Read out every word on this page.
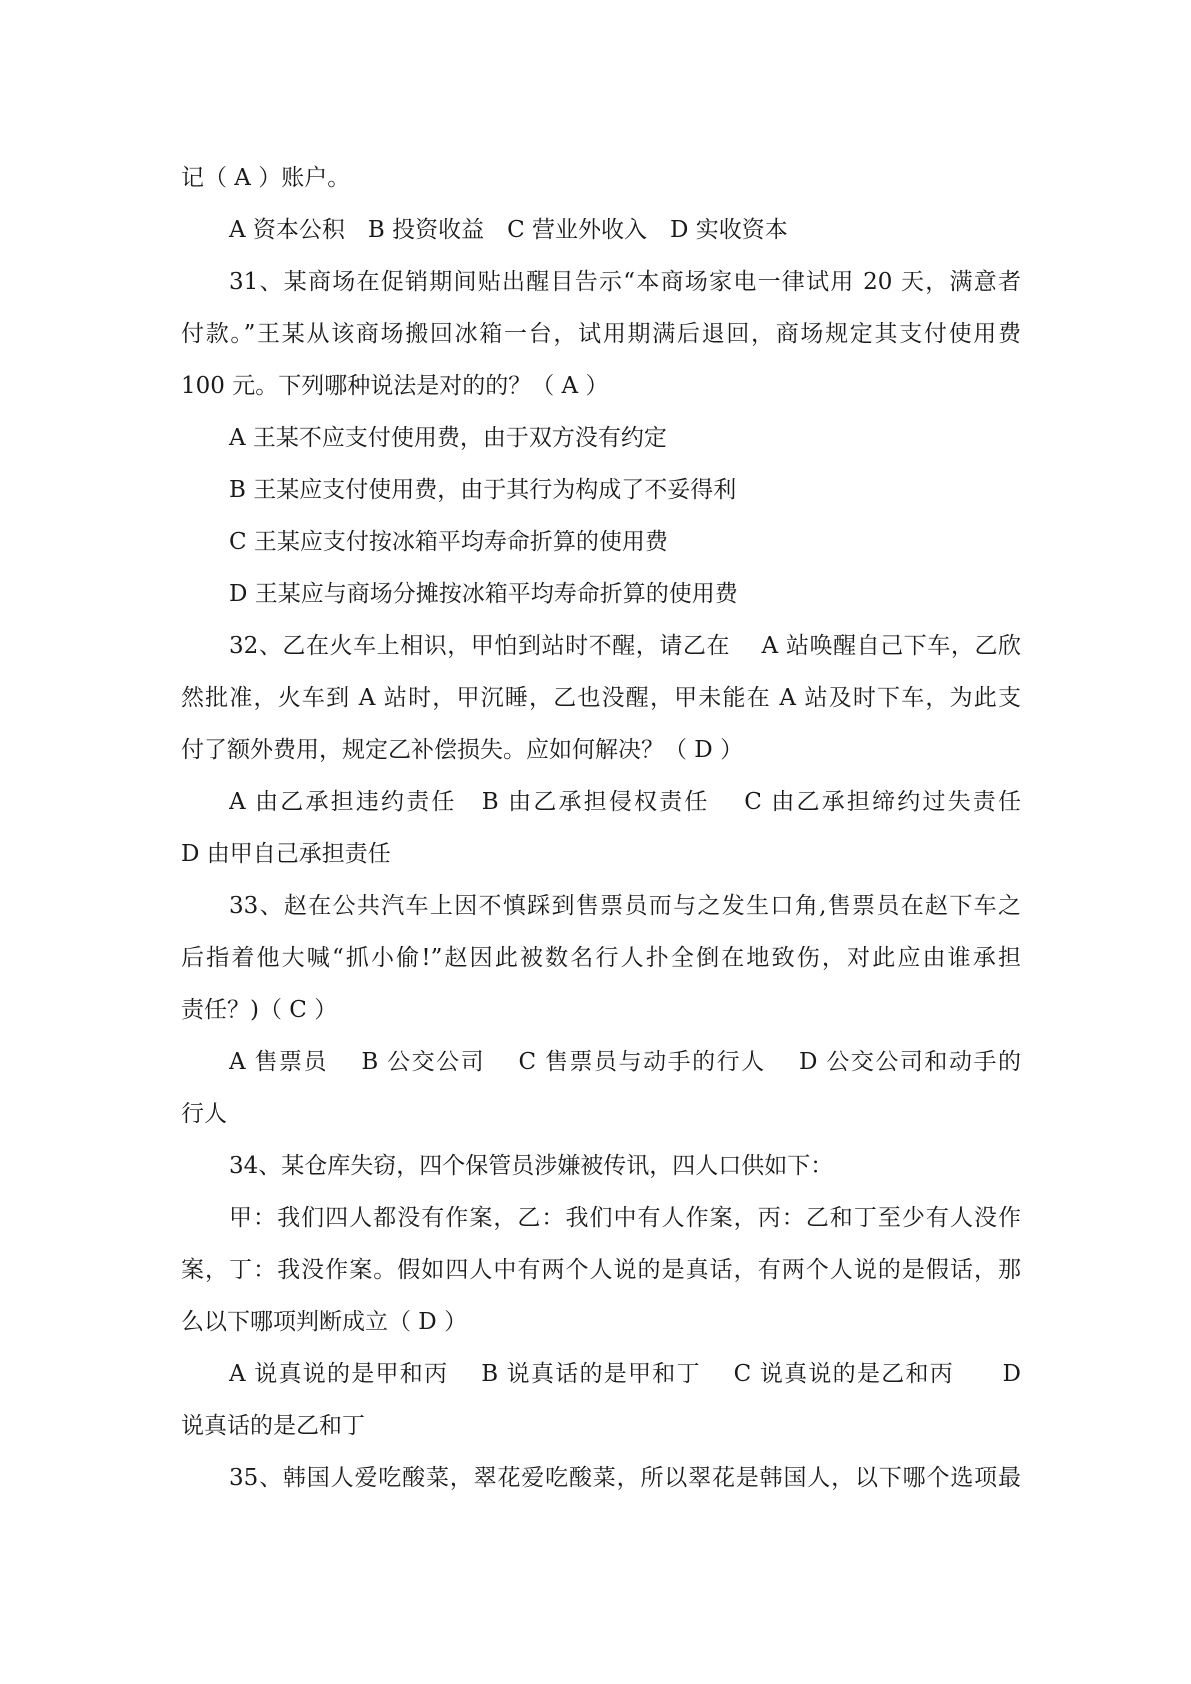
记（ A ）账户。

A 资本公积　B 投资收益　C 营业外收入　D 实收资本

31、某商场在促销期间贴出醒目告示“本商场家电一律试用 20 天，满意者

付款。”王某从该商场搬回冰箱一台，试用期满后退回，商场规定其支付使用费

100 元。下列哪种说法是对的的？（ A ）

A 王某不应支付使用费，由于双方没有约定

B 王某应支付使用费，由于其行为构成了不妥得利

C 王某应支付按冰箱平均寿命折算的使用费

D 王某应与商场分摊按冰箱平均寿命折算的使用费

32、乙在火车上相识，甲怕到站时不醒，请乙在　 A 站唤醒自己下车，乙欣

然批准，火车到 A 站时，甲沉睡，乙也没醒，甲未能在 A 站及时下车，为此支

付了额外费用，规定乙补偿损失。应如何解决？（ D ）

A 由乙承担违约责任　B 由乙承担侵权责任　 C 由乙承担缔约过失责任

D 由甲自己承担责任

33、赵在公共汽车上因不慎踩到售票员而与之发生口角,售票员在赵下车之

后指着他大喊“抓小偷!”赵因此被数名行人扑全倒在地致伤，对此应由谁承担

责任？)（ C ）

A 售票员　 B 公交公司　 C 售票员与动手的行人　 D 公交公司和动手的

行人

34、某仓库失窃，四个保管员涉嫌被传讯，四人口供如下：

甲：我们四人都没有作案，乙：我们中有人作案，丙：乙和丁至少有人没作

案，丁：我没作案。假如四人中有两个人说的是真话，有两个人说的是假话，那

么以下哪项判断成立（ D ）

A 说真说的是甲和丙　 B 说真话的是甲和丁　 C 说真说的是乙和丙　　D

说真话的是乙和丁

35、韩国人爱吃酸菜，翠花爱吃酸菜，所以翠花是韩国人，以下哪个选项最
